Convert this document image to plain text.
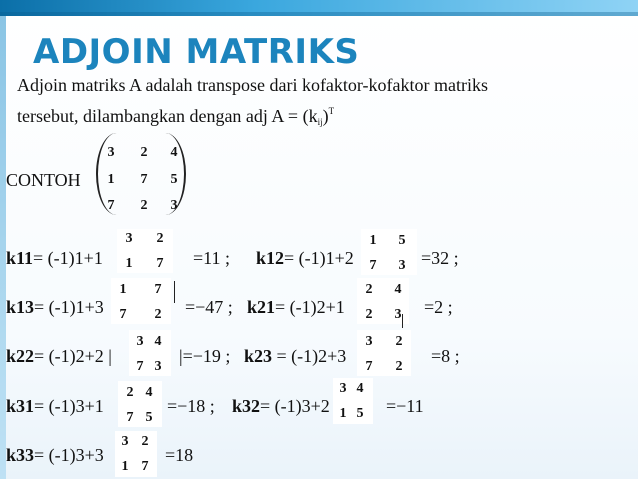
ADJOIN MATRIKS
Adjoin matriks A adalah transpose dari kofaktor-kofaktor matriks
tersebut, dilambangkan dengan adj A = (kij)$^T$
CONTOH
3 2 4
1 7 5
7 2 3
k11= (-1)1+1
3 2
1 7 =11 ; k12= (-1)1+2
1 5
7 3 =32 ;
k13= (-1)1+3
1 7
7 2 =−47 ; k21= (-1)2+1
2 4
2 3 =2 ;
k22= (-1)2+2 |
3 4
7 3
|=−19 ; k23 = (-1)2+3
3 2
7 2
=8 ;
k31= (-1)3+1
2 4
7 5
=−18 ; k32= (-1)3+2
3 4
1 5 =−11
k33= (-1)3+3
3 2
1 7
=18
